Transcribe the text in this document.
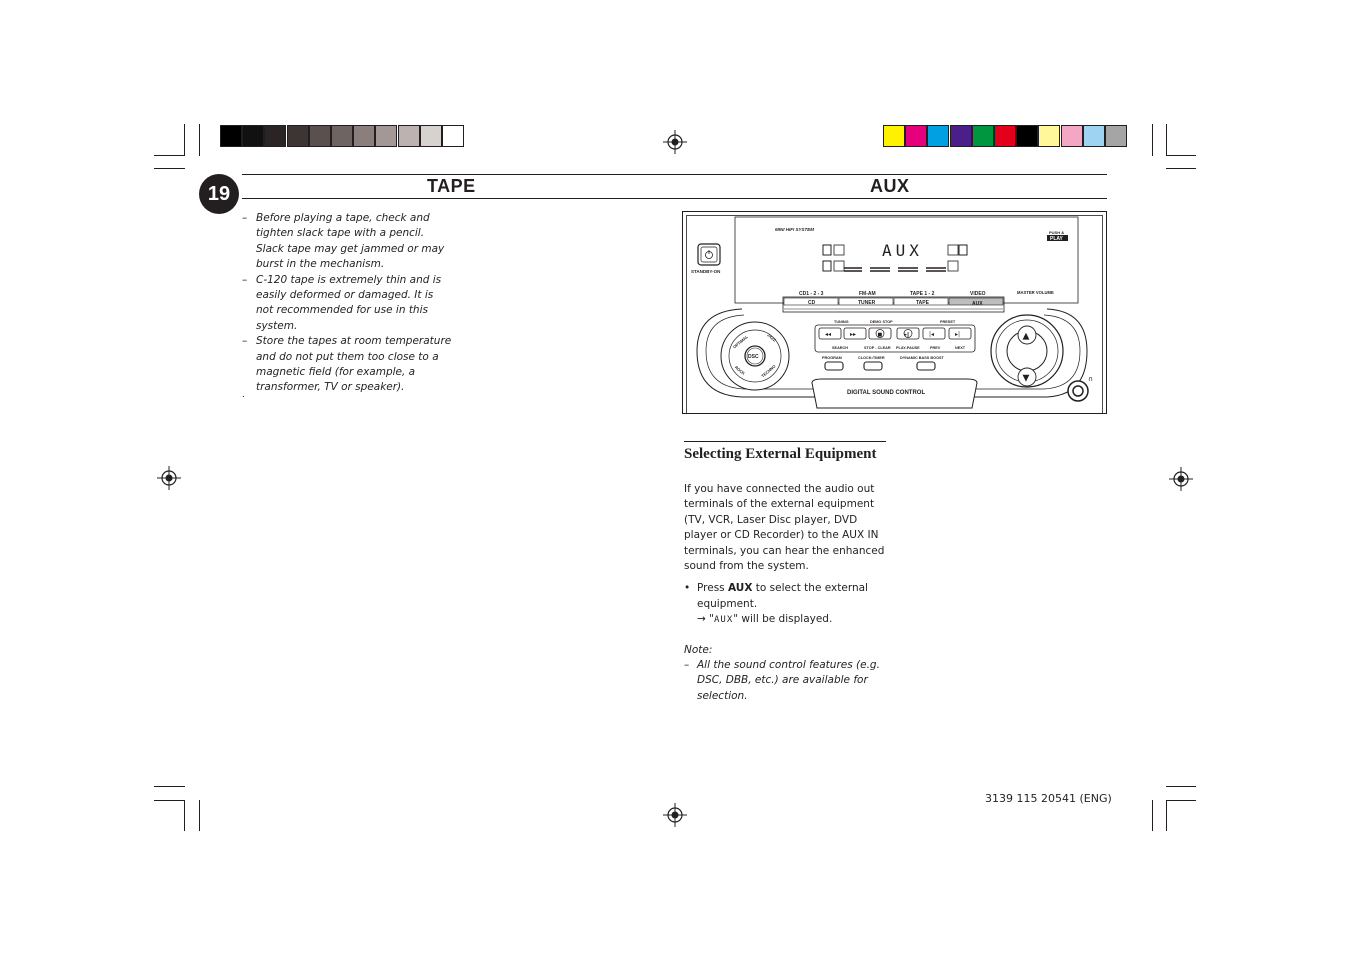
19	TAPE	AUX

– Before playing a tape, check and tighten slack tape with a pencil. Slack tape may get jammed or may burst in the mechanism.

– C-120 tape is extremely thin and is easily deformed or damaged. It is not recommended for use in this system.

– Store the tapes at room temperature and do not put them too close to a magnetic field (for example, a transformer, TV or speaker).

.
MINI HIFI SYSTEM
AUX
PUSH &
PLAY
STANDBY-ON
CD1 - 2 - 3	FM-AM	TAPE 1 - 2	VIDEO
CD	TUNER	TAPE	AUX
MASTER VOLUME
DSC
OPTIMAL	JAZZ
ROCK	TECHNO
TUNING	DEMO STOP	PRESET
◂◂	▸▸	■	▸‖	|◂	▸|
SEARCH	STOP - CLEAR PLAY-PAUSE	PREV	NEXT
PROGRAM	CLOCK•TIMER	DYNAMIC BASS BOOST
DIGITAL SOUND CONTROL
▲
▼	∩
Selecting External Equipment
If you have connected the audio out terminals of the external equipment (TV, VCR, Laser Disc player, DVD player or CD Recorder) to the AUX IN terminals, you can hear the enhanced sound from the system.
• Press AUX to select the external equipment.
→ "AUX" will be displayed.
Note:
– All the sound control features (e.g. DSC, DBB, etc.) are available for selection.
3139 115 20541 (ENG)
